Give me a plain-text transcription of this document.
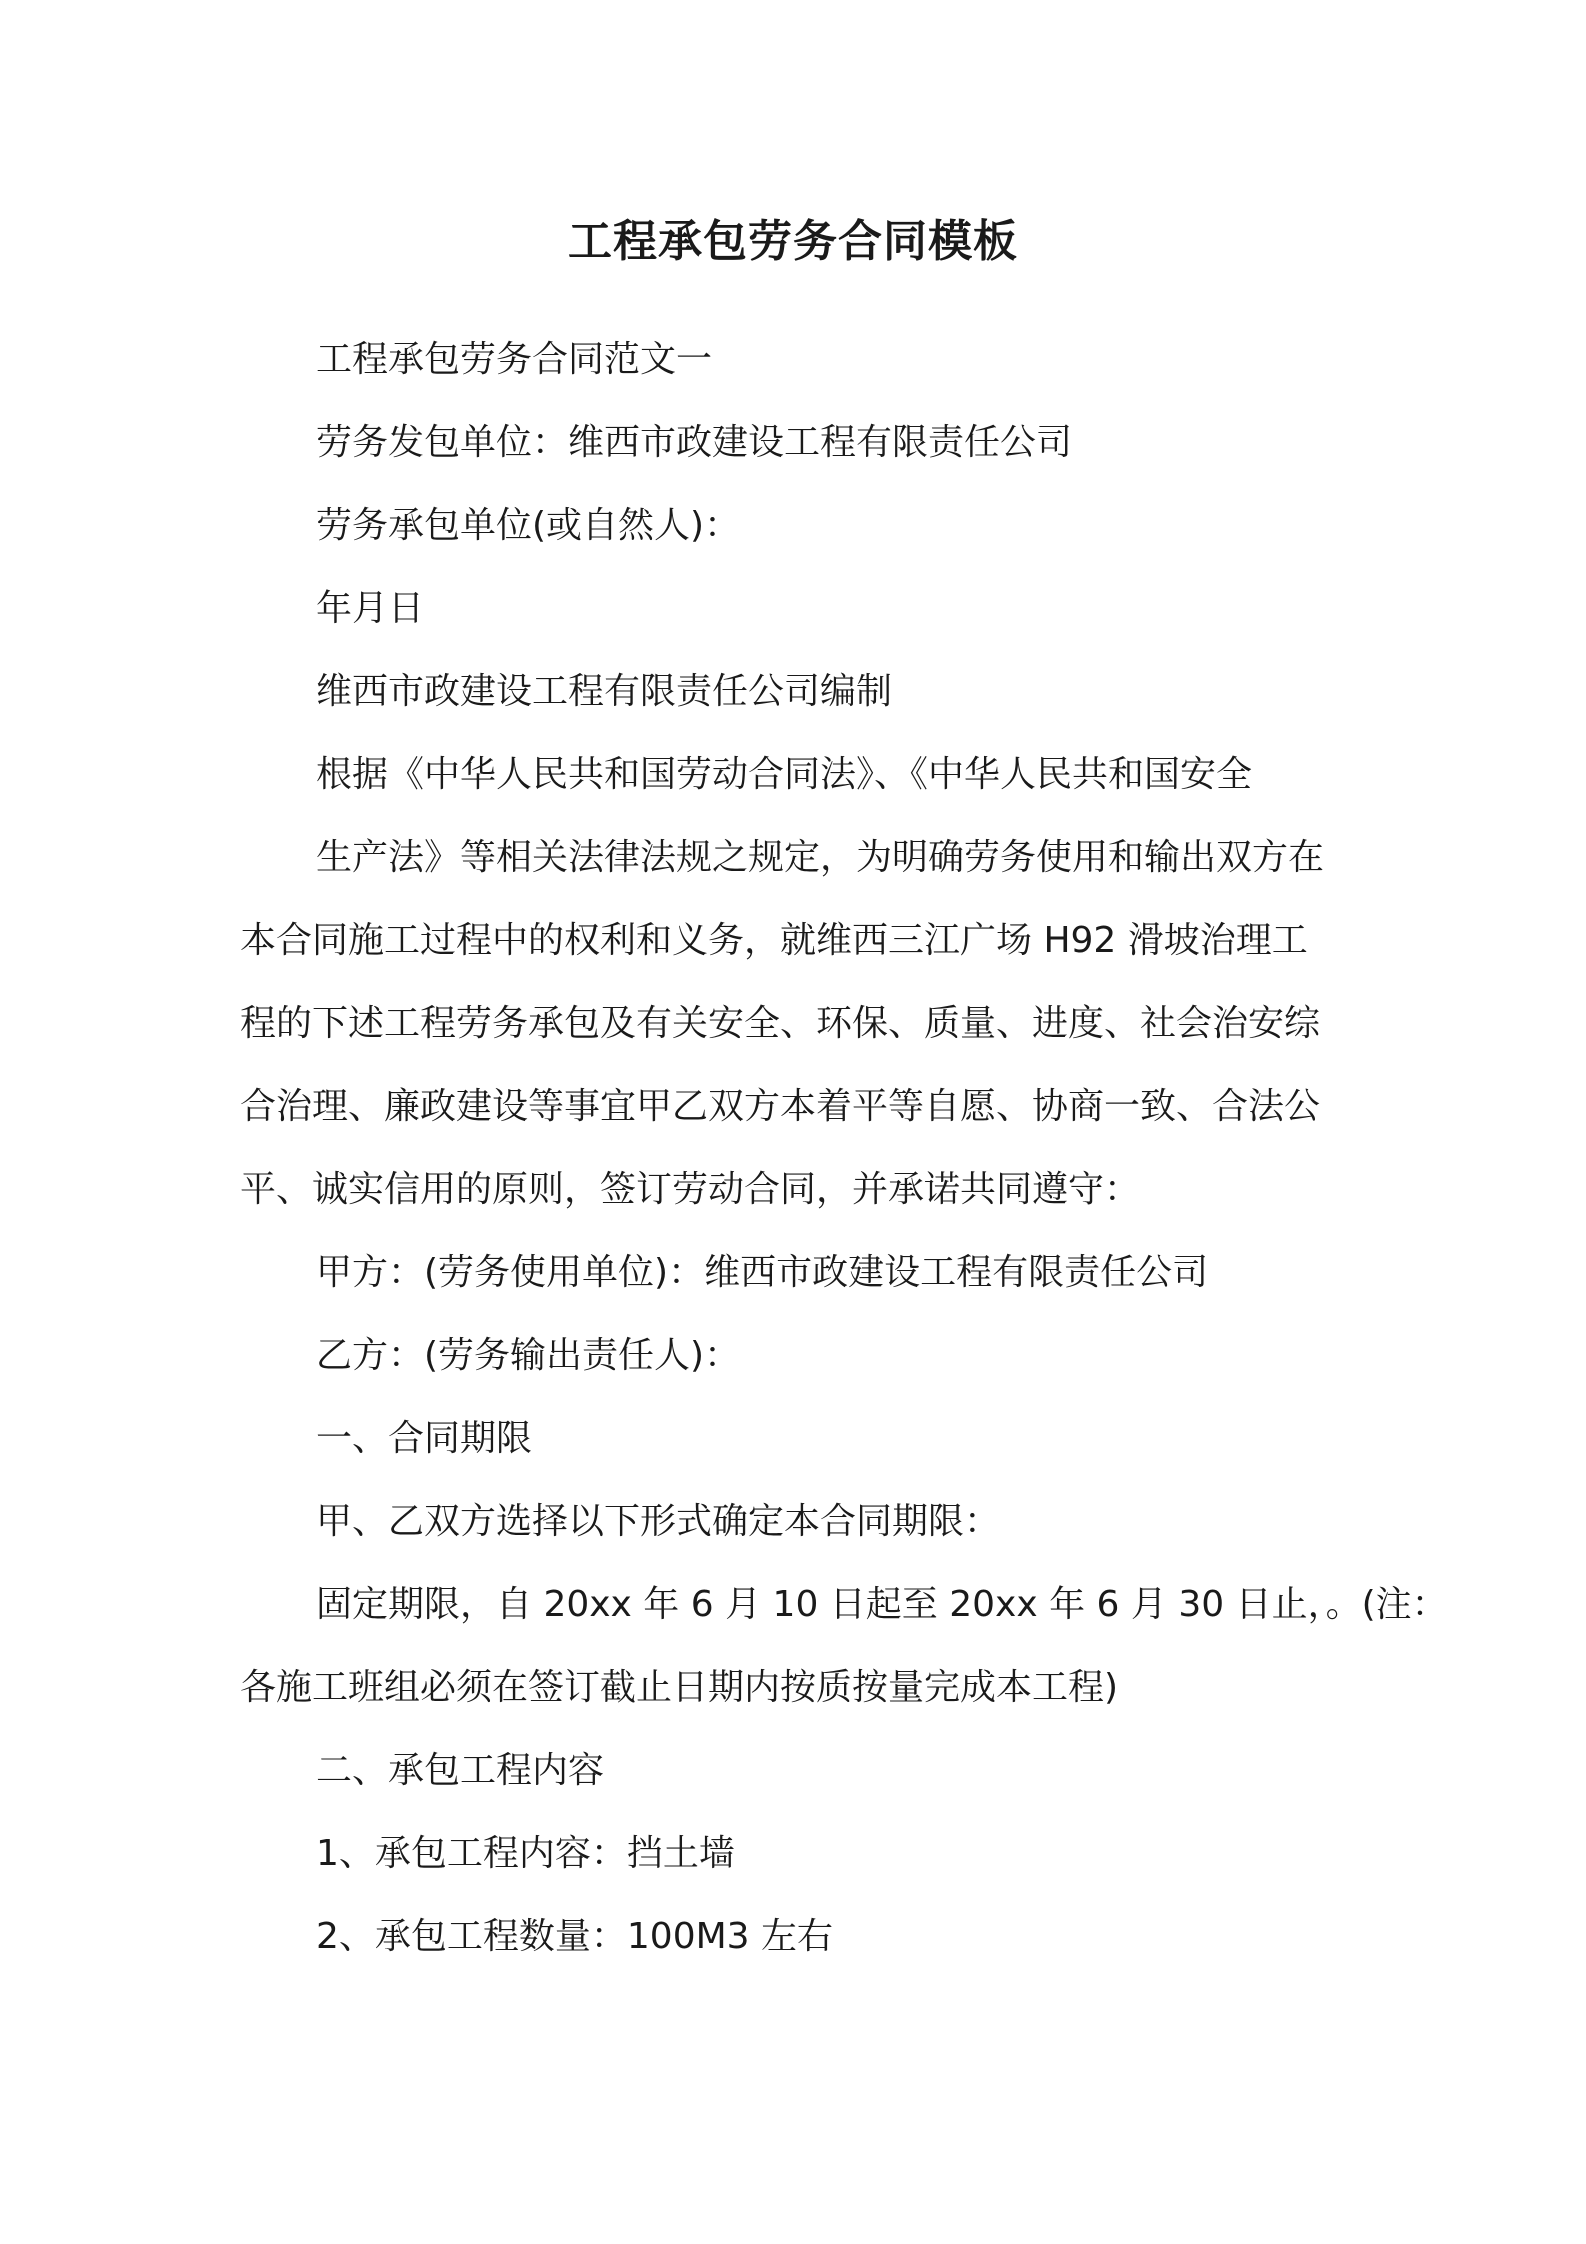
工程承包劳务合同模板

工程承包劳务合同范文一

劳务发包单位：维西市政建设工程有限责任公司

劳务承包单位(或自然人)：

年月日

维西市政建设工程有限责任公司编制

根据《中华人民共和国劳动合同法》、《中华人民共和国安全

生产法》等相关法律法规之规定，为明确劳务使用和输出双方在

本合同施工过程中的权利和义务，就维西三江广场 H92 滑坡治理工

程的下述工程劳务承包及有关安全、环保、质量、进度、社会治安综

合治理、廉政建设等事宜甲乙双方本着平等自愿、协商一致、合法公

平、诚实信用的原则，签订劳动合同，并承诺共同遵守：

甲方：(劳务使用单位)：维西市政建设工程有限责任公司

乙方：(劳务输出责任人)：

一、合同期限

甲、乙双方选择以下形式确定本合同期限：

固定期限，自 20xx 年 6 月 10 日起至 20xx 年 6 月 30 日止，。(注：

各施工班组必须在签订截止日期内按质按量完成本工程)

二、承包工程内容

1、承包工程内容：挡土墙

2、承包工程数量：100M3 左右
